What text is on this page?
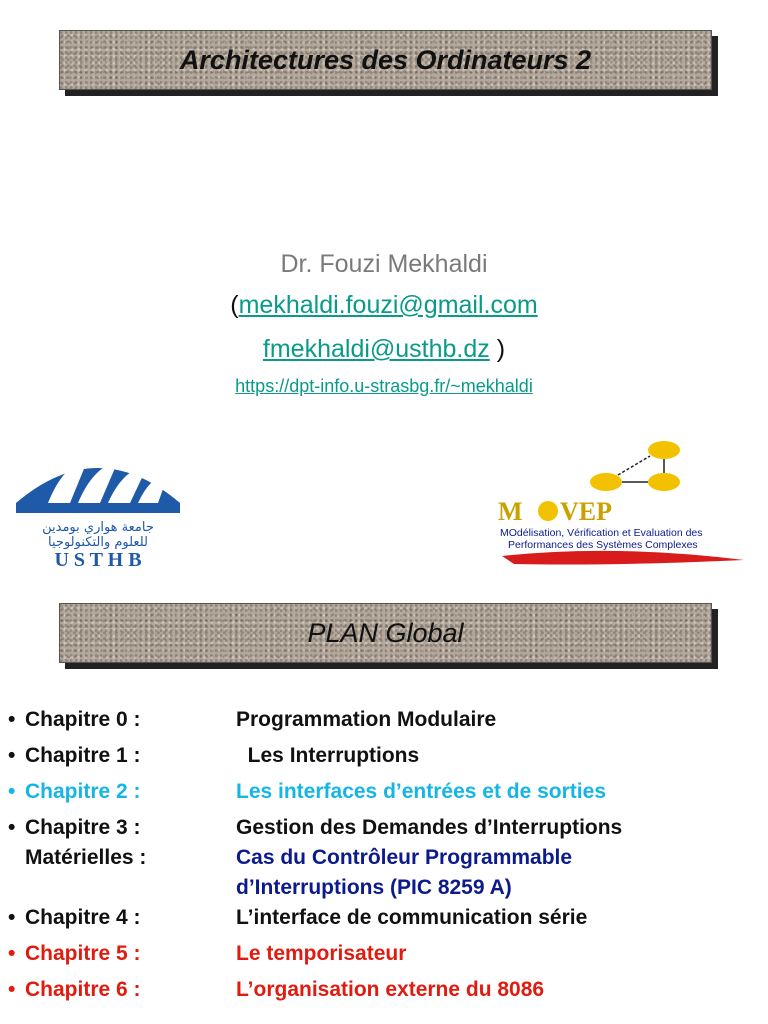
Architectures des Ordinateurs 2
Dr. Fouzi Mekhaldi
(mekhaldi.fouzi@gmail.com
fmekhaldi@usthb.dz )
https://dpt-info.u-strasbg.fr/~mekhaldi
جامعة هواري بومدين
للعلوم والتكنولوجيا
U S T H B
M VEP
MOdélisation, Vérification et Evaluation des
Performances des Systèmes Complexes
PLAN Global
• Chapitre 0 :	Programmation Modulaire
• Chapitre 1 :	Les Interruptions
• Chapitre 2 :	Les interfaces d’entrées et de sorties
• Chapitre 3 :	Gestion des Demandes d’Interruptions
Matérielles :	Cas du Contrôleur Programmable
d’Interruptions (PIC 8259 A)
• Chapitre 4 :	L’interface de communication série
• Chapitre 5 :	Le temporisateur
• Chapitre 6 :	L’organisation externe du 8086
